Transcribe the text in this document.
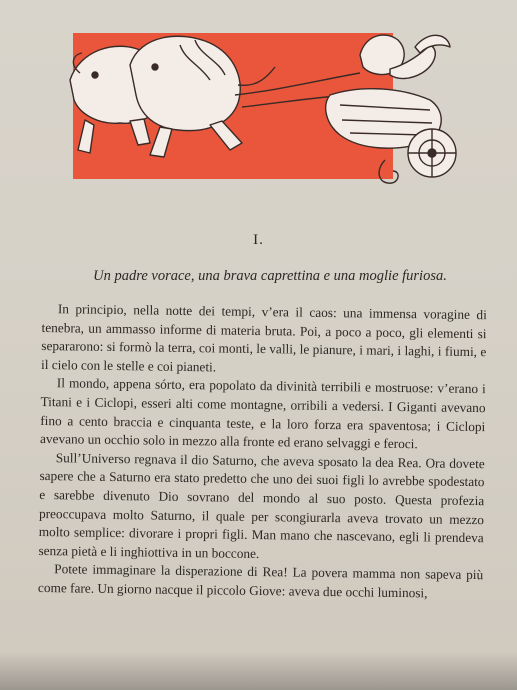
I.
Un padre vorace, una brava caprettina e una moglie furiosa.

In principio, nella notte dei tempi, v’era il caos: una immensa voragine di tenebra, un ammasso informe di materia bruta. Poi, a poco a poco, gli elementi si separarono: si formò la terra, coi monti, le valli, le pianure, i mari, i laghi, i fiumi, e il cielo con le stelle e coi pianeti.

Il mondo, appena sórto, era popolato da divinità terribili e mostruose: v’erano i Titani e i Ciclopi, esseri alti come montagne, orribili a vedersi. I Giganti avevano fino a cento braccia e cinquanta teste, e la loro forza era spaventosa; i Ciclopi avevano un occhio solo in mezzo alla fronte ed erano selvaggi e feroci.

Sull’Universo regnava il dio Saturno, che aveva sposato la dea Rea. Ora dovete sapere che a Saturno era stato predetto che uno dei suoi figli lo avrebbe spodestato e sarebbe divenuto Dio sovrano del mondo al suo posto. Questa profezia preoccupava molto Saturno, il quale per scongiurarla aveva trovato un mezzo molto semplice: divorare i propri figli. Man mano che nascevano, egli li prendeva senza pietà e li inghiottiva in un boccone.

Potete immaginare la disperazione di Rea! La povera mamma non sapeva più come fare. Un giorno nacque il piccolo Giove: aveva due occhi luminosi,
